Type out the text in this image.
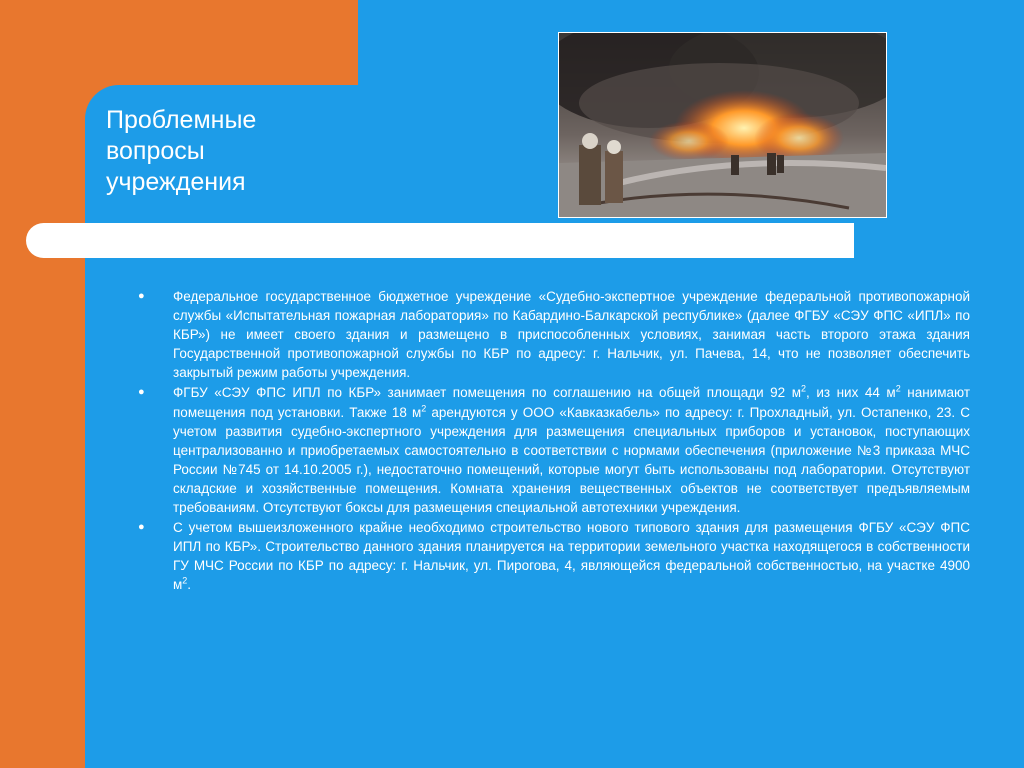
Проблемные вопросы учреждения

● Федеральное государственное бюджетное учреждение «Судебно-экспертное учреждение федеральной противопожарной службы «Испытательная пожарная лаборатория» по Кабардино-Балкарской республике» (далее ФГБУ «СЭУ ФПС «ИПЛ» по КБР») не имеет своего здания и размещено в приспособленных условиях, занимая часть второго этажа здания Государственной противопожарной службы по КБР по адресу: г. Нальчик, ул. Пачева, 14, что не позволяет обеспечить закрытый режим работы учреждения.

● ФГБУ «СЭУ ФПС ИПЛ по КБР» занимает помещения по соглашению на общей площади 92 $м^2$, из них 44 $м^2$ нанимают помещения под установки. Также 18 $м^2$ арендуются у ООО «Кавказкабель» по адресу: г. Прохладный, ул. Остапенко, 23. С учетом развития судебно-экспертного учреждения для размещения специальных приборов и установок, поступающих централизованно и приобретаемых самостоятельно в соответствии с нормами обеспечения (приложение №3 приказа МЧС России №745 от 14.10.2005 г.), недостаточно помещений, которые могут быть использованы под лаборатории. Отсутствуют складские и хозяйственные помещения. Комната хранения вещественных объектов не соответствует предъявляемым требованиям. Отсутствуют боксы для размещения специальной автотехники учреждения.

● С учетом вышеизложенного крайне необходимо строительство нового типового здания для размещения ФГБУ «СЭУ ФПС ИПЛ по КБР». Строительство данного здания планируется на территории земельного участка находящегося в собственности ГУ МЧС России по КБР по адресу: г. Нальчик, ул. Пирогова, 4, являющейся федеральной собственностью, на участке 4900 $м^2$.
